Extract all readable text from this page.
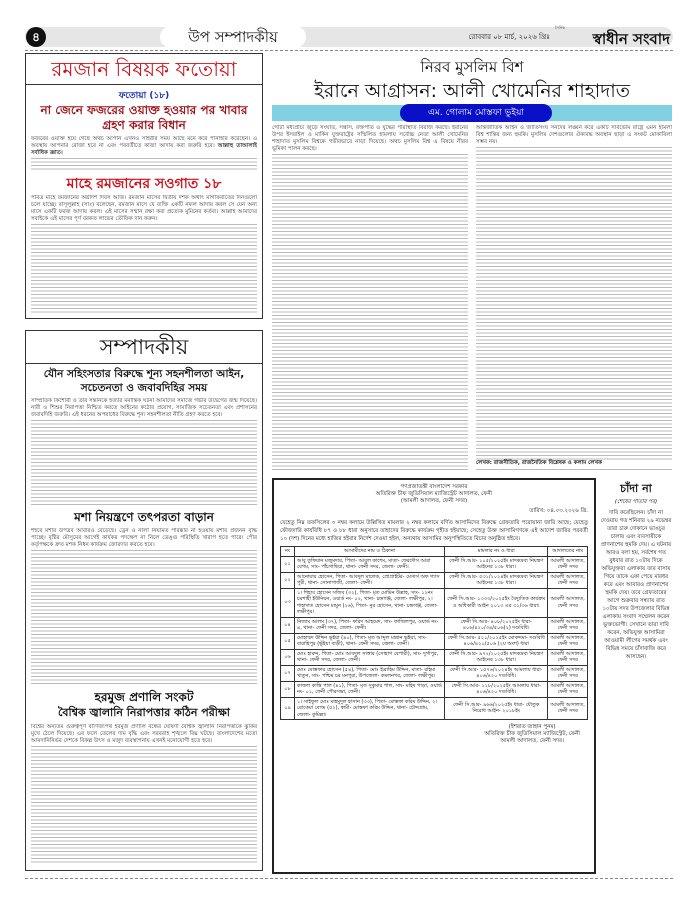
৪	উপ সম্পাদকীয়	রোববার ০৮ মার্চ, ২০২৬ খ্রিঃ
দৈনিক
স্বাধীন সংবাদ
রমজান বিষয়ক ফতোয়া
ফতোয়া (১৮)
না জেনে ফজরের ওয়াক্ত হওয়ার পর খাবার গ্রহণ করার বিধান

ফজরের ওয়াক্ত হয়ে গেছে অথচ আপনি এখনও সাহরীর সময় আছে মনে করে পানাহার করেছেন। এ অবস্থায় আপনার রোজা হবে না এবং পরবর্তীতে কাজা আদায় করা জরুরি হবে। আল্লাহু তাআলাই সর্বাধিক জ্ঞাত।

মাহে রমজানের সওগাত ১৮

পবিত্র মাহে রমজানের অষ্টাদশ দিবস আজ। রমজান মাসের দ্বিতীয় দশক অর্থাৎ মাগফিরাতের দিনগুলো চলে যাচ্ছে। রাসূলুল্লাহ (সাঃ) বলেছেন, রমজান মাসে যে ব্যক্তি একটি নফল আদায় করল সে যেন অন্য মাসে একটি ফরজ আদায় করল। এই মাসের সম্মান রক্ষা করা প্রত্যেক মুমিনের কর্তব্য। আল্লাহ আমাদের সবাইকে এই মাসের পূর্ণ বরকত লাভের তৌফিক দান করুন।

সম্পাদকীয়
যৌন সহিংসতার বিরুদ্ধে শূন্য সহনশীলতা আইন, সচেতনতা ও জবাবদিহির সময়

সাম্প্রতিক কিশোরী ও তার সন্তানকে হত্যার মর্মান্তিক ঘটনা আমাদের সমাজে গভীর উদ্বেগের জন্ম দিয়েছে। নারী ও শিশুর নিরাপত্তা নিশ্চিত করতে আইনের কঠোর প্রয়োগ, সামাজিক সচেতনতা এবং প্রশাসনের জবাবদিহি জরুরি। এই ধরনের অপরাধের বিরুদ্ধে শূন্য সহনশীলতা নীতি গ্রহণ করতে হবে।

মশা নিয়ন্ত্রণে তৎপরতা বাড়ান

শহরে মশার উপদ্রব আবারও বেড়েছে। ড্রেন ও নালা নিয়মিত পরিষ্কার না হওয়ায় মশার প্রজনন বৃদ্ধি পাচ্ছে। বৃষ্টির মৌসুমের আগেই কার্যকর পদক্ষেপ না নিলে ডেঙ্গু পরিস্থিতি খারাপ হতে পারে। পৌর কর্তৃপক্ষকে দ্রুত মশক নিধন কার্যক্রম জোরদার করতে হবে।

হরমুজ প্রণালি সংকট
বৈশ্বিক জ্বালানি নিরাপত্তার কঠিন পরীক্ষা

বিশ্বের অন্যতম গুরুত্বপূর্ণ বাণিজ্যপথ হরমুজ প্রণালি বন্ধের ঘোষণা বৈশ্বিক জ্বালানি নিরাপত্তাকে ঝুঁকির মুখে ঠেলে দিয়েছে। এর ফলে তেলের দাম বৃদ্ধি এবং সরবরাহ শৃঙ্খলে বিঘ্ন ঘটছে। বাংলাদেশের মতো আমদানিনির্ভর দেশকে বিকল্প উৎস ও মজুদ ব্যবস্থাপনায় এখনই মনোযোগী হতে হবে।

নিরব মুসলিম বিশ
ইরানে আগ্রাসন: আলী খোমেনির শাহাদাত
এম. গোলাম মোস্তফা ভুইয়া

গোটা মধ্যপ্রাচ্য জুড়ে সংঘাত, সন্ত্রাস, রক্তপাত ও যুদ্ধের পরিস্থিতি বিরাজ করছে। ইরানের উপর ইসরাইল ও মার্কিন যুক্তরাষ্ট্রের সম্মিলিত হামলায় সর্বোচ্চ নেতা আলী খোমেনির শাহাদাত মুসলিম বিশ্বকে গভীরভাবে নাড়া দিয়েছে। অথচ মুসলিম বিশ্ব এ বিষয়ে নীরব ভূমিকা পালন করছে।

আন্তর্জাতিক আইন ও জাতিসংঘ সনদের লঙ্ঘন করে একটি সার্বভৌম রাষ্ট্রে এমন হামলা বিশ্ব শান্তির জন্য হুমকি। মুসলিম দেশগুলোর ঐক্যবদ্ধ অবস্থান ছাড়া এ সংকট মোকাবিলা সম্ভব নয়।

লেখক: রাজনীতিক, রাজনৈতিক বিশ্লেষক ও কলাম লেখক
গণপ্রজাতন্ত্রী বাংলাদেশ সরকার
অতিরিক্ত চীফ জুডিসিয়াল ম্যাজিস্ট্রেট আদালত, ফেনী
(আমলী আদালত, ফেনী সদর)
তারিখ: ০৪.০৩.২০২৬ খ্রি.
যেহেতু নিম্ন তফসিলের ৩ নম্বর কলামে উল্লিখিত মামলার ২ নম্বর কলামে বর্ণিত আসামিদের বিরুদ্ধে গ্রেফতারি পরোয়ানা জারি আছে; যেহেতু ফৌজদারি কার্যবিধি ৮৭ ও ৮৮ ধারা অনুসারে তাহাদের বিরুদ্ধে কার্যক্রম গৃহীত হইয়াছে; সেহেতু উক্ত আসামিগণকে এই আদেশ জারির পরবর্তী ১০ (দশ) দিনের মধ্যে হাজির হইবার নির্দেশ দেওয়া হইল, অন্যথায় আসামির অনুপস্থিতিতে বিচার অনুষ্ঠিত হইবে।
নং	আসামীদের নাম ও ঠিকানা	মামলার নং ও ধারা	আদালতের নাম
০১	আবু তুফিয়ান মজুমদার, পিতা- আবুল কাশেম, মাতা- ফেরদৌস আরা বেগম, সাং- পাঁচগাছিয়া, থানা- ফেনী সদর, জেলা- ফেনী।	ফেনী সি.আর- ১০৫/২০২৫ইং মাদকদ্রব্য নিয়ন্ত্রণ আইনের ১৩৮ ধারা।	আমলী আদালত, ফেনী সদর
০২	আনোয়ার হোসেন, পিতা- আবদুল মালেক, প্রোপ্রাইটর- মেসার্স অফ গ্যাস পুরী, থানা- সোনাগাজী, জেলা- ফেনী।	ফেনী সি.আর- ৫৩১/২০২৪ইং মাদকদ্রব্য নিয়ন্ত্রণ আইনের ১৩৮ ধারা।	আমলী আদালত, ফেনী সদর
০৩	১। শিহাব হোসেন সজিব (৩২), পিতা- মৃত মোমিন উল্লাহ, সাং- ১২নং চরশাহী ইউনিয়ন, ওয়ার্ড নং- ০২, থানা- চন্দ্রগঞ্জ, জেলা- লক্ষীপুর, ২। শাহাদাত হোসেন মামুন (২৬), পিতা- নুর হোসেন, থানা- চন্দ্রগঞ্জ, জেলা- লক্ষীপুর।	ফেনী সি.আর- ১৩৩৩/২০২৫ইং বৈদ্যুতিক কার্যক্রম ও অধিকারী আইন ২০১৩ এর ৩১/৩৬ ধারা।	আমলী আদালত, ফেনী সদর
০৪	নিজাম আলম (৩৭), পিতা- ফরিদ আহমেদ, সাং- ফাজিলপুর, ওয়ার্ড নং- ৪, থানা- ফেনী সদর, জেলা- ফেনী।	ফেনী সি.আর- ৪০৮/২০২৫ইং ধারা- ৪০৬/৪২০/৩৪/৫০৬(২) দণ্ডবিধি।	আমলী আদালত, ফেনী সদর
০৫	মোহাম্মদ উদ্দিন ভূইয়া (৪০), পিতা- মৃত আব্দুল মান্নান ভূইয়া, সাং- বারাহিপুর (ভূঁইয়া বাড়ী), থানা- ফেনী সদর, জেলা- ফেনী।	ফেনী সি.আর- ৫২১/২০২৫ইং মোকদ্দমা- দণ্ডবিধি ৪০৬/৪২০/৫০৬ (২য় অংশ) ধারা	আমলী আদালত, ফেনী সদর
০৬	মোঃ হারুন, পিতা- মোঃ আবদুল সাত্তার (সোহাগ বেপারী), সাং- দুর্গাপুর, থানা- ফেনী সদর, জেলা- ফেনী।	ফেনী সি.আর- ৯৭২/২০২৫ইং মাদকদ্রব্য নিয়ন্ত্রণ আইনের ১৩৮ ধারা।	আমলী আদালত, ফেনী সদর
০৭	মোঃ মোস্তফার হোসেন (৫৪), পিতা- মোঃ ইব্রাহিম উদ্দিন, মাতা- রহিমা খাতুন, সাং- পশ্চিম চর মনপুরা, উপজেলা- কমলনগর, জেলা- লক্ষীপুর।	ফেনী সি.আর- ১৫৭৬/২০২৪ইং আমলায় ধারা- ৪০৬/৪২০ দণ্ডবিধি।	আমলী আদালত, ফেনী সদর
০৮	কাজল কান্তি পাল (৪১), পিতা- মৃত সুকুমার পাল, সাং- মহিষ পাড়া, ওয়ার্ড নং- ০১, ফেনী পৌরসভা, ফেনী।	ফেনী সি.আর- ১২৮/২০২৫ইং আমলায় ধারা- ৪০৬/৪২০ দণ্ডবিধি।	আমলী আদালত, ফেনী সদর
০৯	১। সাইফুল মোঃ মাহমুদুল হাসান (৩৩), পিতা- মোস্তফা করিম উদ্দিন, ২। রোকেয়া বেগম (৫২), স্বামী- মোস্তফা করিম উদ্দিন, থানা- চৌদ্দগ্রাম, জেলা- কুমিল্লা।	ফেনী সি.আর- ৯৬৬/২০২৫ইং ধারা- যৌতুক নিরোধ আইন- ২০১৮ইং	আমলী আদালত, ফেনী সদর
(ইশরাত জাহান পুনম)
অতিরিক্ত চীফ জুডিসিয়াল ম্যাজিস্ট্রেট, ফেনী
আমলী আদালত, ফেনী সদর।
চাঁদা না
(শেষের পাতার পর)
দাবি করেছিলেন। চাঁদা না দেওয়ায় গত শনিবার ২৯ নভেম্বর তারা চারু দোকানে ভাঙচুর চালায় এবং ব্যবসায়ীকে প্রাণনাশের হুমকি দেয়। এ ঘটনায় আরও বলা হয়, সর্বশেষ গত বুধবার রাত ১০টায় দিকে অভিযুক্তরা এলাকায় তার বাসায় গিয়ে তাকে একা পেয়ে মারধর করে এবং আবারও প্রাণনাশের হুমকি দেয়। তবে গ্রেফতারের আগে শুক্রবার সন্ধ্যায় রাত ১০টায় সদর উপজেলার বিভিন্ন এলাকায় সংবাদ সম্মেলন করেন ভুক্তভোগী। সেখানে তারা দাবি করেন, অভিযুক্ত আসামিরা আওয়ামী লীগের সমর্থক এবং বিভিন্ন সময়ে চাঁদাবাজি করে আসছেন।
